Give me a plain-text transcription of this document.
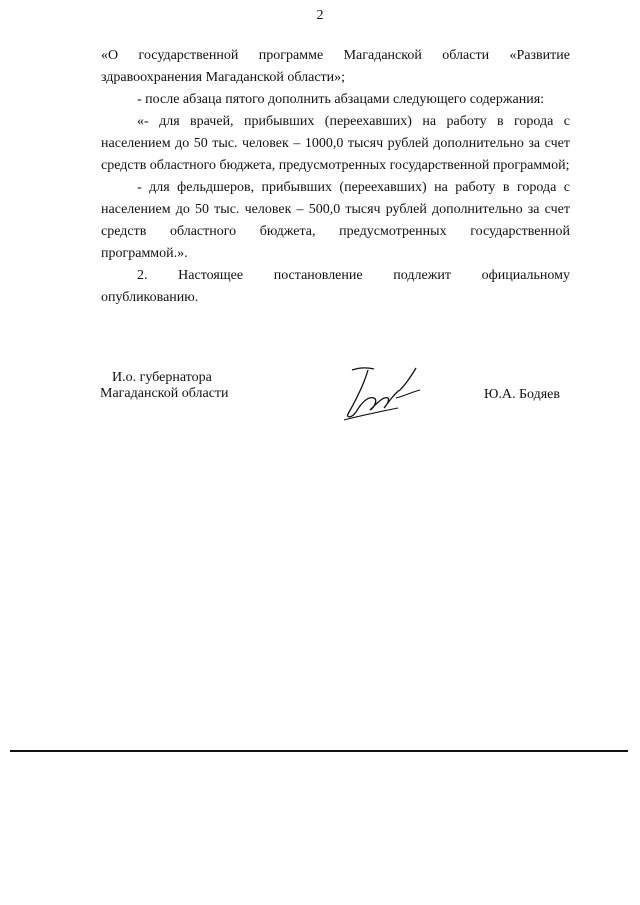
2

«О государственной программе Магаданской области «Развитие здравоохранения Магаданской области»;

- после абзаца пятого дополнить абзацами следующего содержания:

«- для врачей, прибывших (переехавших) на работу в города с населением до 50 тыс. человек – 1000,0 тысяч рублей дополнительно за счет средств областного бюджета, предусмотренных государственной программой;

- для фельдшеров, прибывших (переехавших) на работу в города с населением до 50 тыс. человек – 500,0 тысяч рублей дополнительно за счет средств областного бюджета, предусмотренных государственной программой.».

2. Настоящее постановление подлежит официальному опубликованию.

И.о. губернатора
Магаданской области	Ю.А. Бодяев
